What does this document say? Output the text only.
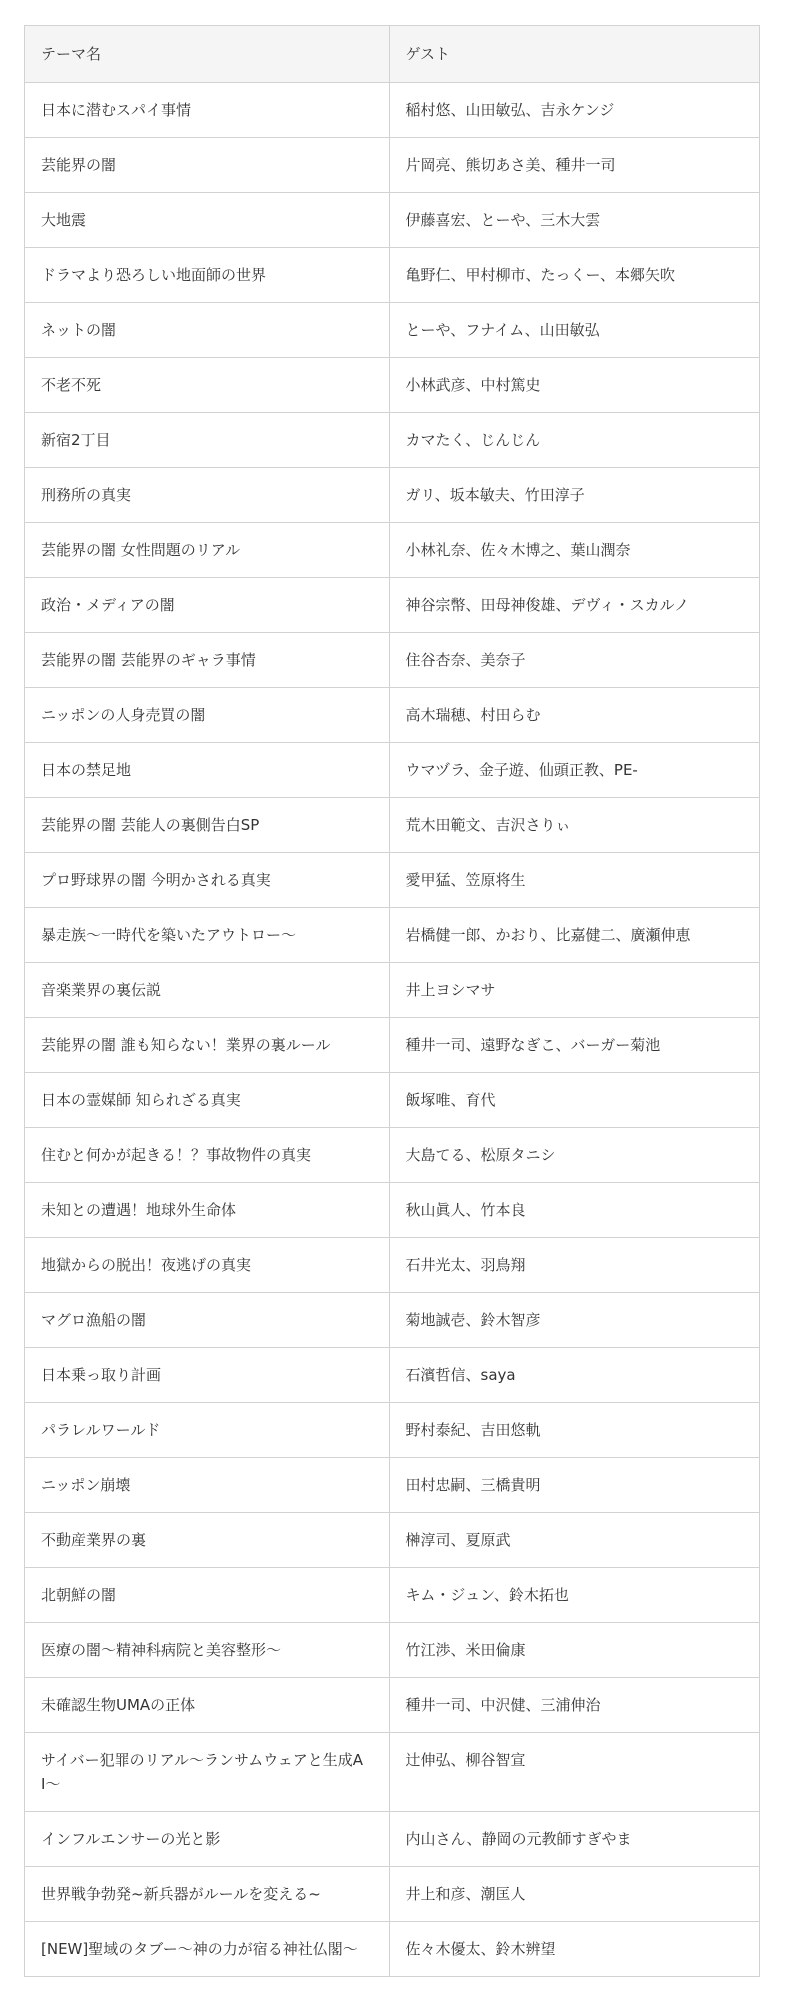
テーマ名	ゲスト
日本に潜むスパイ事情	稲村悠、山田敏弘、吉永ケンジ
芸能界の闇	片岡亮、熊切あさ美、種井一司
大地震	伊藤喜宏、とーや、三木大雲
ドラマより恐ろしい地面師の世界	亀野仁、甲村柳市、たっくー、本郷矢吹
ネットの闇	とーや、フナイム、山田敏弘
不老不死	小林武彦、中村篤史
新宿2丁目	カマたく、じんじん
刑務所の真実	ガリ、坂本敏夫、竹田淳子
芸能界の闇 女性問題のリアル	小林礼奈、佐々木博之、葉山潤奈
政治・メディアの闇	神谷宗幣、田母神俊雄、デヴィ・スカルノ
芸能界の闇 芸能界のギャラ事情	住谷杏奈、美奈子
ニッポンの人身売買の闇	高木瑞穂、村田らむ
日本の禁足地	ウマヅラ、金子遊、仙頭正教、PE-
芸能界の闇 芸能人の裏側告白SP	荒木田範文、吉沢さりぃ
プロ野球界の闇 今明かされる真実	愛甲猛、笠原将生
暴走族〜一時代を築いたアウトロー〜	岩橋健一郎、かおり、比嘉健二、廣瀬伸恵
音楽業界の裏伝説	井上ヨシマサ
芸能界の闇 誰も知らない！業界の裏ルール	種井一司、遠野なぎこ、バーガー菊池
日本の霊媒師 知られざる真実	飯塚唯、育代
住むと何かが起きる！？事故物件の真実	大島てる、松原タニシ
未知との遭遇！地球外生命体	秋山眞人、竹本良
地獄からの脱出！夜逃げの真実	石井光太、羽鳥翔
マグロ漁船の闇	菊地誠壱、鈴木智彦
日本乗っ取り計画	石濱哲信、saya
パラレルワールド	野村泰紀、吉田悠軌
ニッポン崩壊	田村忠嗣、三橋貴明
不動産業界の裏	榊淳司、夏原武
北朝鮮の闇	キム・ジュン、鈴木拓也
医療の闇〜精神科病院と美容整形〜	竹江渉、米田倫康
未確認生物UMAの正体	種井一司、中沢健、三浦伸治
サイバー犯罪のリアル〜ランサムウェアと生成AI〜	辻伸弘、柳谷智宣
インフルエンサーの光と影	内山さん、静岡の元教師すぎやま
世界戦争勃発~新兵器がルールを変える~	井上和彦、潮匡人
[NEW]聖域のタブー〜神の力が宿る神社仏閣〜	佐々木優太、鈴木辨望
